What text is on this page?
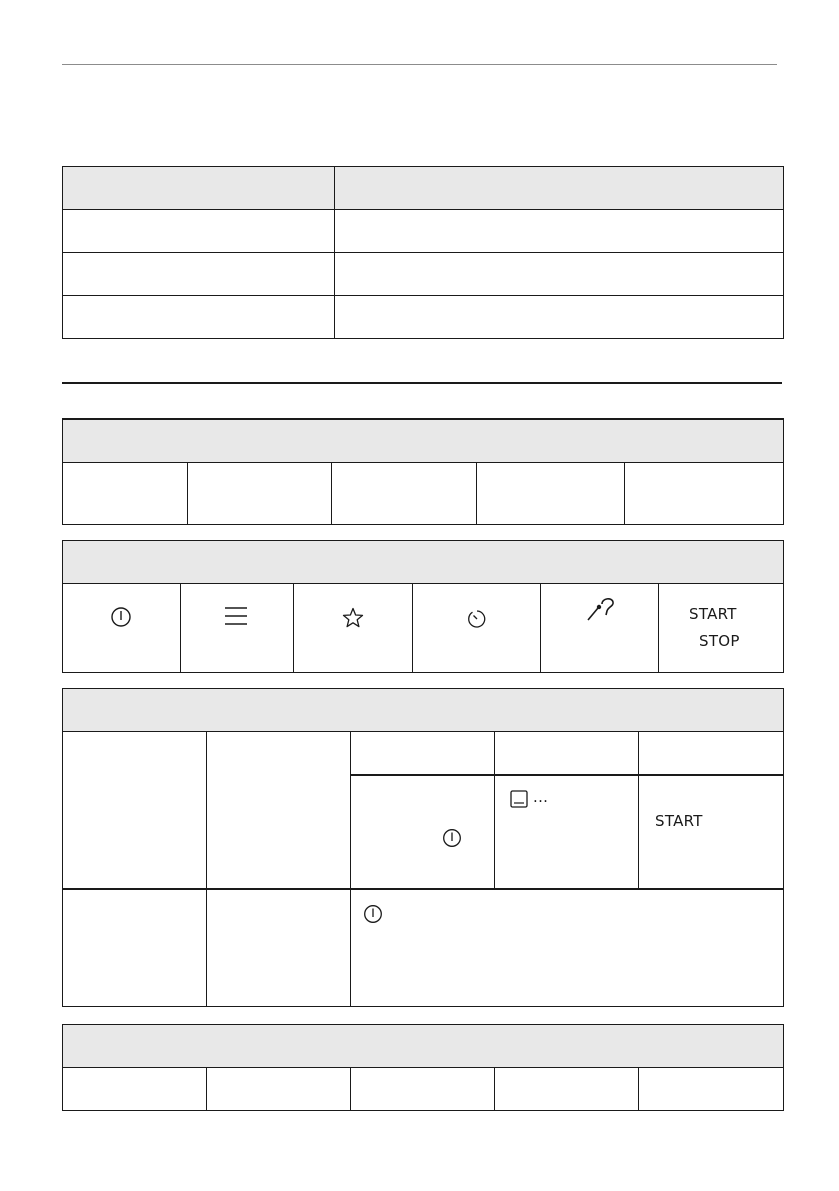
START
STOP

...	START
